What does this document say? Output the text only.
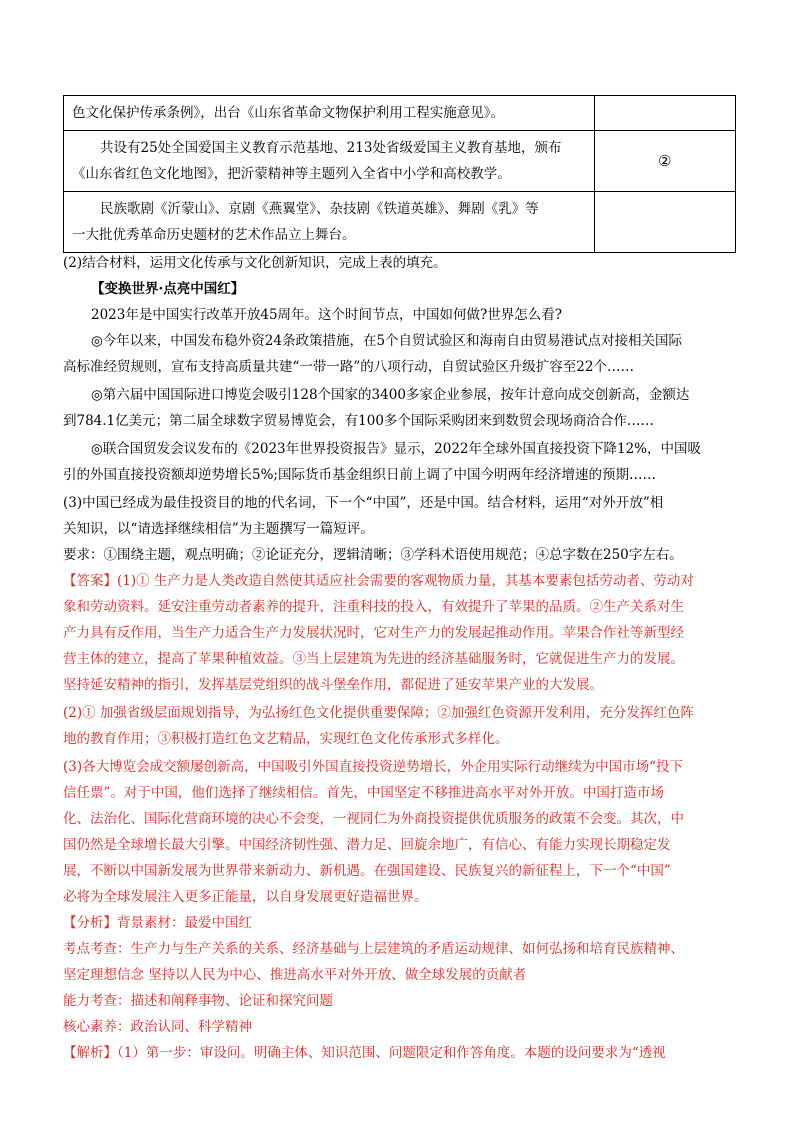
色文化保护传承条例》，出台《山东省革命文物保护利用工程实施意见》。	

共设有25处全国爱国主义教育示范基地、213处省级爱国主义教育基地，颁布
《山东省红色文化地图》，把沂蒙精神等主题列入全省中小学和高校教学。	②

民族歌剧《沂蒙山》、京剧《燕翼堂》、杂技剧《铁道英雄》、舞剧《乳》等
一大批优秀革命历史题材的艺术作品立上舞台。	

(2)结合材料，运用文化传承与文化创新知识，完成上表的填充。

【变换世界·点亮中国红】

2023年是中国实行改革开放45周年。这个时间节点，中国如何做?世界怎么看?

◎今年以来，中国发布稳外资24条政策措施，在5个自贸试验区和海南自由贸易港试点对接相关国际

高标准经贸规则，宣布支持高质量共建“一带一路”的八项行动，自贸试验区升级扩容至22个……

◎第六届中国国际进口博览会吸引128个国家的3400多家企业参展，按年计意向成交创新高，金额达

到784.1亿美元；第二届全球数字贸易博览会，有100多个国际采购团来到数贸会现场商洽合作……

◎联合国贸发会议发布的《2023年世界投资报告》显示，2022年全球外国直接投资下降12%，中国吸

引的外国直接投资额却逆势增长5%;国际货币基金组织日前上调了中国今明两年经济增速的预期……

(3)中国已经成为最佳投资目的地的代名词，下一个“中国”，还是中国。结合材料，运用“对外开放”相

关知识，以“请选择继续相信”为主题撰写一篇短评。

要求：①围绕主题，观点明确；②论证充分，逻辑清晰；③学科术语使用规范；④总字数在250字左右。

【答案】(1)① 生产力是人类改造自然使其适应社会需要的客观物质力量，其基本要素包括劳动者、劳动对

象和劳动资料。延安注重劳动者素养的提升，注重科技的投入，有效提升了苹果的品质。②生产关系对生

产力具有反作用，当生产力适合生产力发展状况时，它对生产力的发展起推动作用。苹果合作社等新型经

营主体的建立，提高了苹果种植效益。③当上层建筑为先进的经济基础服务时，它就促进生产力的发展。

坚持延安精神的指引，发挥基层党组织的战斗堡垒作用，都促进了延安苹果产业的大发展。

(2)① 加强省级层面规划指导，为弘扬红色文化提供重要保障；②加强红色资源开发利用，充分发挥红色阵

地的教育作用；③积极打造红色文艺精品，实现红色文化传承形式多样化。

(3)各大博览会成交额屡创新高，中国吸引外国直接投资逆势增长，外企用实际行动继续为中国市场“投下

信任票”。对于中国，他们选择了继续相信。首先，中国坚定不移推进高水平对外开放。中国打造市场

化、法治化、国际化营商环境的决心不会变，一视同仁为外商投资提供优质服务的政策不会变。其次，中

国仍然是全球增长最大引擎。中国经济韧性强、潜力足、回旋余地广，有信心、有能力实现长期稳定发

展，不断以中国新发展为世界带来新动力、新机遇。在强国建设、民族复兴的新征程上，下一个“中国”

必将为全球发展注入更多正能量，以自身发展更好造福世界。

【分析】背景素材：最爱中国红

考点考查：生产力与生产关系的关系、经济基础与上层建筑的矛盾运动规律、如何弘扬和培育民族精神、

坚定理想信念 坚持以人民为中心、推进高水平对外开放、做全球发展的贡献者

能力考查：描述和阐释事物、论证和探究问题

核心素养：政治认同、科学精神

【解析】（1）第一步：审设问。明确主体、知识范围、问题限定和作答角度。本题的设问要求为“透视
